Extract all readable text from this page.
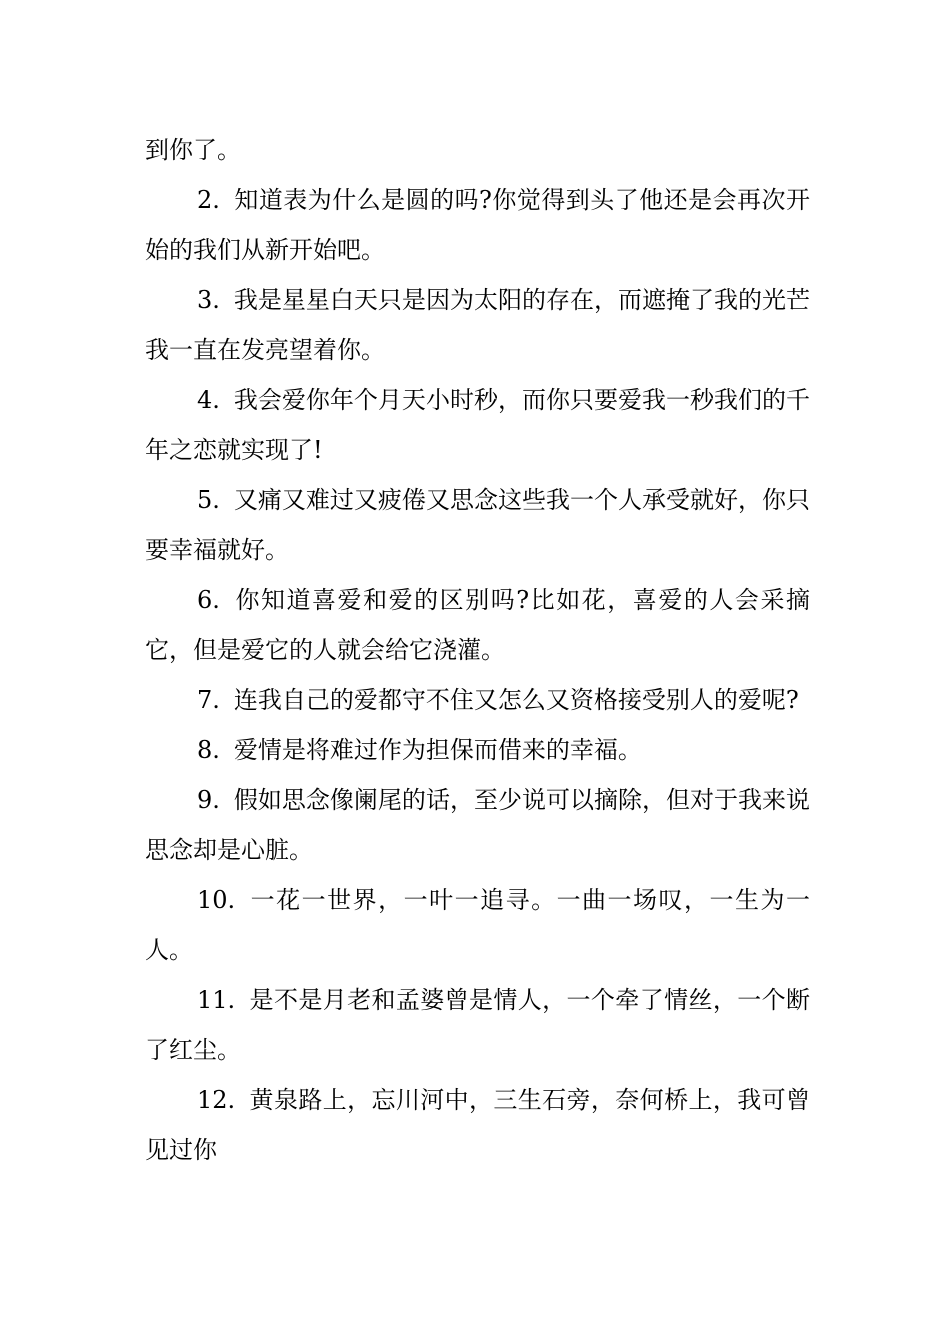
到你了。

2. 知道表为什么是圆的吗?你觉得到头了他还是会再次开始的我们从新开始吧。

3. 我是星星白天只是因为太阳的存在，而遮掩了我的光芒我一直在发亮望着你。

4. 我会爱你年个月天小时秒，而你只要爱我一秒我们的千年之恋就实现了!

5. 又痛又难过又疲倦又思念这些我一个人承受就好，你只要幸福就好。

6. 你知道喜爱和爱的区别吗?比如花，喜爱的人会采摘它，但是爱它的人就会给它浇灌。

7. 连我自己的爱都守不住又怎么又资格接受别人的爱呢?

8. 爱情是将难过作为担保而借来的幸福。

9. 假如思念像阑尾的话，至少说可以摘除，但对于我来说思念却是心脏。

10. 一花一世界，一叶一追寻。一曲一场叹，一生为一人。

11. 是不是月老和孟婆曾是情人，一个牵了情丝，一个断了红尘。

12. 黄泉路上，忘川河中，三生石旁，奈何桥上，我可曾见过你
